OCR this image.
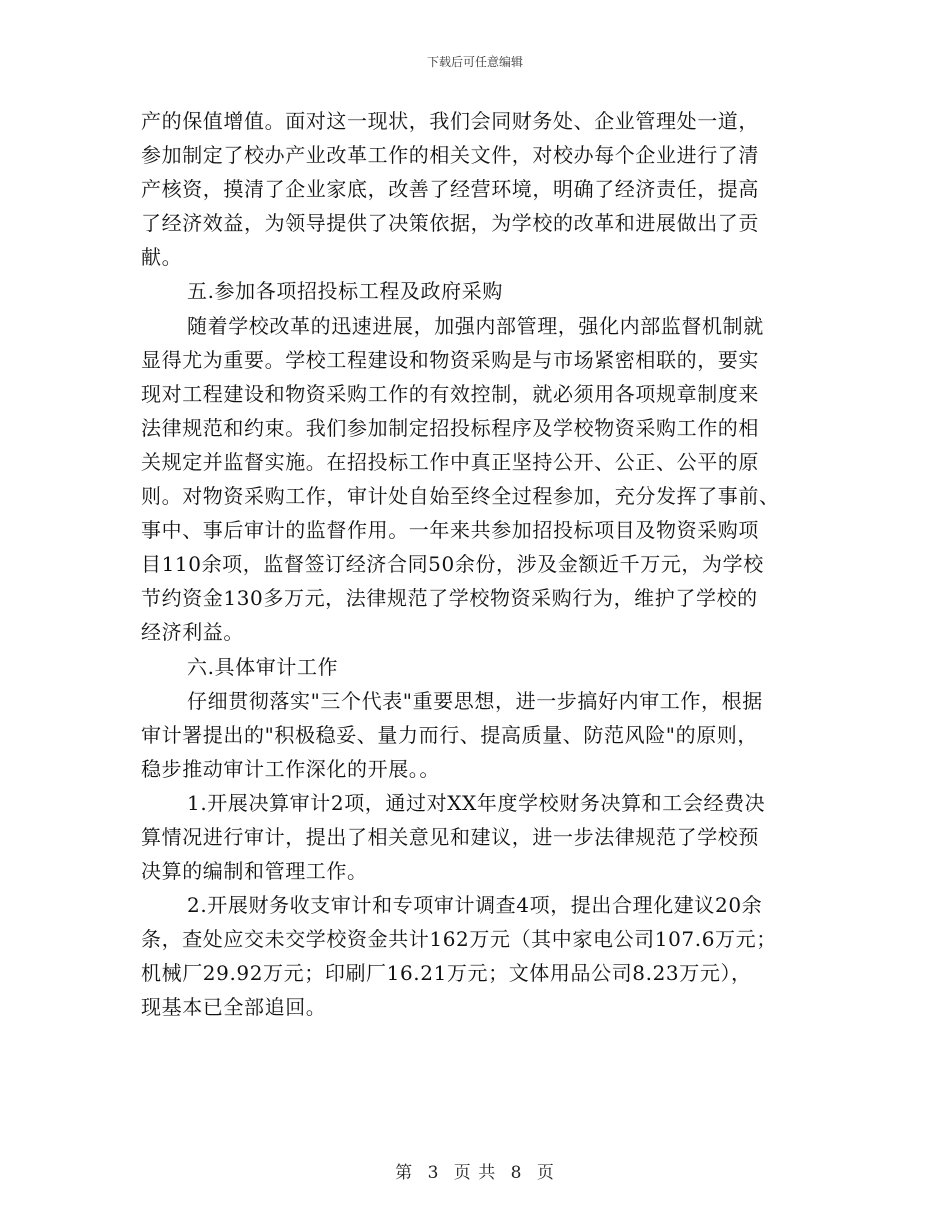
下载后可任意编辑
产的保值增值。面对这一现状，我们会同财务处、企业管理处一道，
参加制定了校办产业改革工作的相关文件，对校办每个企业进行了清
产核资，摸清了企业家底，改善了经营环境，明确了经济责任，提高
了经济效益，为领导提供了决策依据，为学校的改革和进展做出了贡
献。
五.参加各项招投标工程及政府采购
随着学校改革的迅速进展，加强内部管理，强化内部监督机制就
显得尤为重要。学校工程建设和物资采购是与市场紧密相联的，要实
现对工程建设和物资采购工作的有效控制，就必须用各项规章制度来
法律规范和约束。我们参加制定招投标程序及学校物资采购工作的相
关规定并监督实施。在招投标工作中真正坚持公开、公正、公平的原
则。对物资采购工作，审计处自始至终全过程参加，充分发挥了事前、
事中、事后审计的监督作用。一年来共参加招投标项目及物资采购项
目110余项，监督签订经济合同50余份，涉及金额近千万元，为学校
节约资金130多万元，法律规范了学校物资采购行为，维护了学校的
经济利益。
六.具体审计工作
仔细贯彻落实"三个代表"重要思想，进一步搞好内审工作，根据
审计署提出的"积极稳妥、量力而行、提高质量、防范风险"的原则，
稳步推动审计工作深化的开展。。
1.开展决算审计2项，通过对XX年度学校财务决算和工会经费决
算情况进行审计，提出了相关意见和建议，进一步法律规范了学校预
决算的编制和管理工作。
2.开展财务收支审计和专项审计调查4项，提出合理化建议20余
条，查处应交未交学校资金共计162万元（其中家电公司107.6万元；
机械厂29.92万元；印刷厂16.21万元；文体用品公司8.23万元），
现基本已全部追回。
第 3 页 共 8 页
